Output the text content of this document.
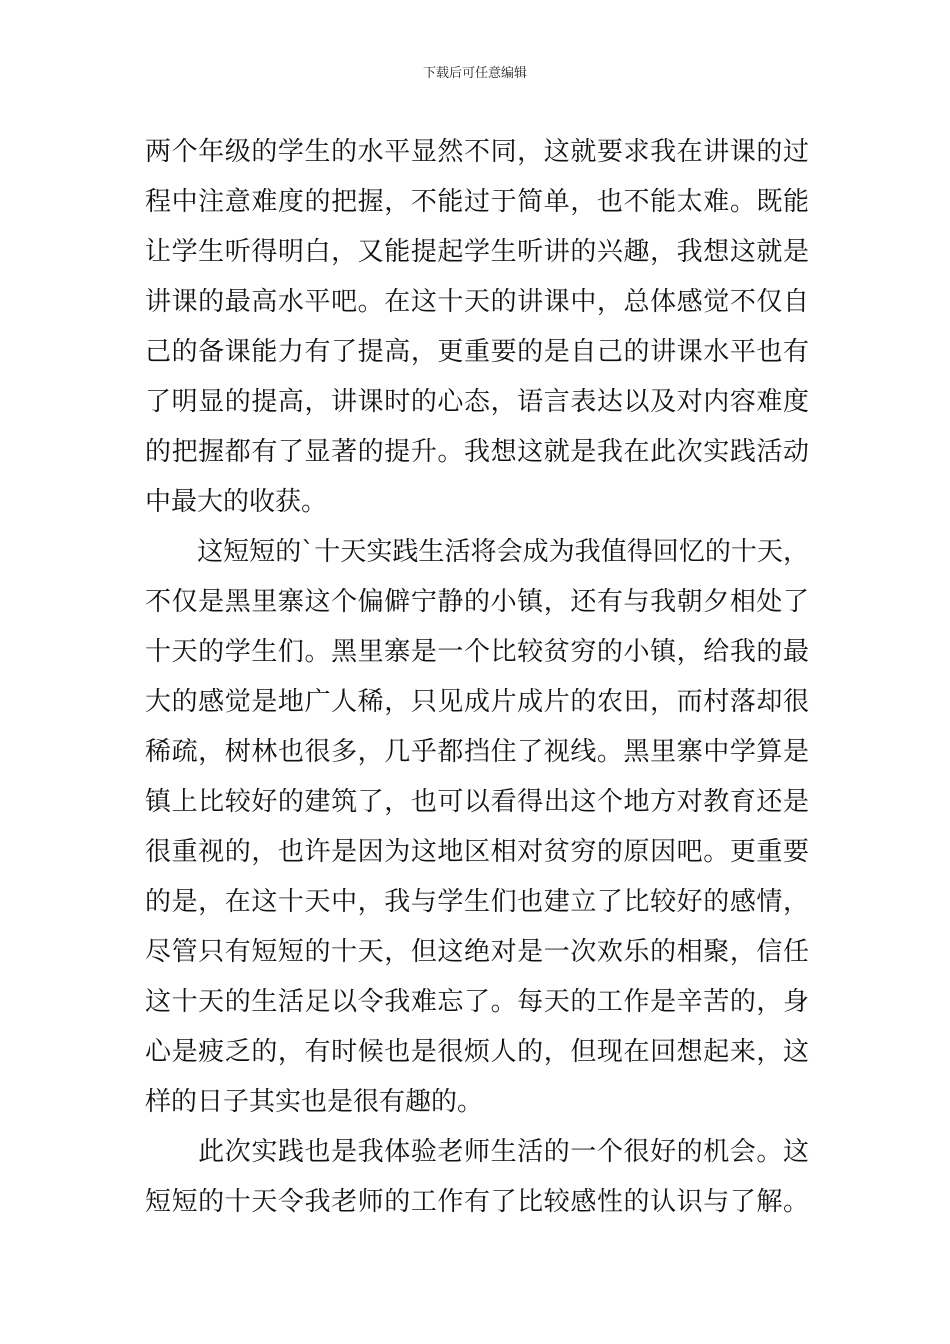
下载后可任意编辑
两个年级的学生的水平显然不同，这就要求我在讲课的过
程中注意难度的把握，不能过于简单，也不能太难。既能
让学生听得明白，又能提起学生听讲的兴趣，我想这就是
讲课的最高水平吧。在这十天的讲课中，总体感觉不仅自
己的备课能力有了提高，更重要的是自己的讲课水平也有
了明显的提高，讲课时的心态，语言表达以及对内容难度
的把握都有了显著的提升。我想这就是我在此次实践活动
中最大的收获。
　　这短短的`十天实践生活将会成为我值得回忆的十天，
不仅是黑里寨这个偏僻宁静的小镇，还有与我朝夕相处了
十天的学生们。黑里寨是一个比较贫穷的小镇，给我的最
大的感觉是地广人稀，只见成片成片的农田，而村落却很
稀疏，树林也很多，几乎都挡住了视线。黑里寨中学算是
镇上比较好的建筑了，也可以看得出这个地方对教育还是
很重视的，也许是因为这地区相对贫穷的原因吧。更重要
的是，在这十天中，我与学生们也建立了比较好的感情，
尽管只有短短的十天，但这绝对是一次欢乐的相聚，信任
这十天的生活足以令我难忘了。每天的工作是辛苦的，身
心是疲乏的，有时候也是很烦人的，但现在回想起来，这
样的日子其实也是很有趣的。
　　此次实践也是我体验老师生活的一个很好的机会。这
短短的十天令我老师的工作有了比较感性的认识与了解。
